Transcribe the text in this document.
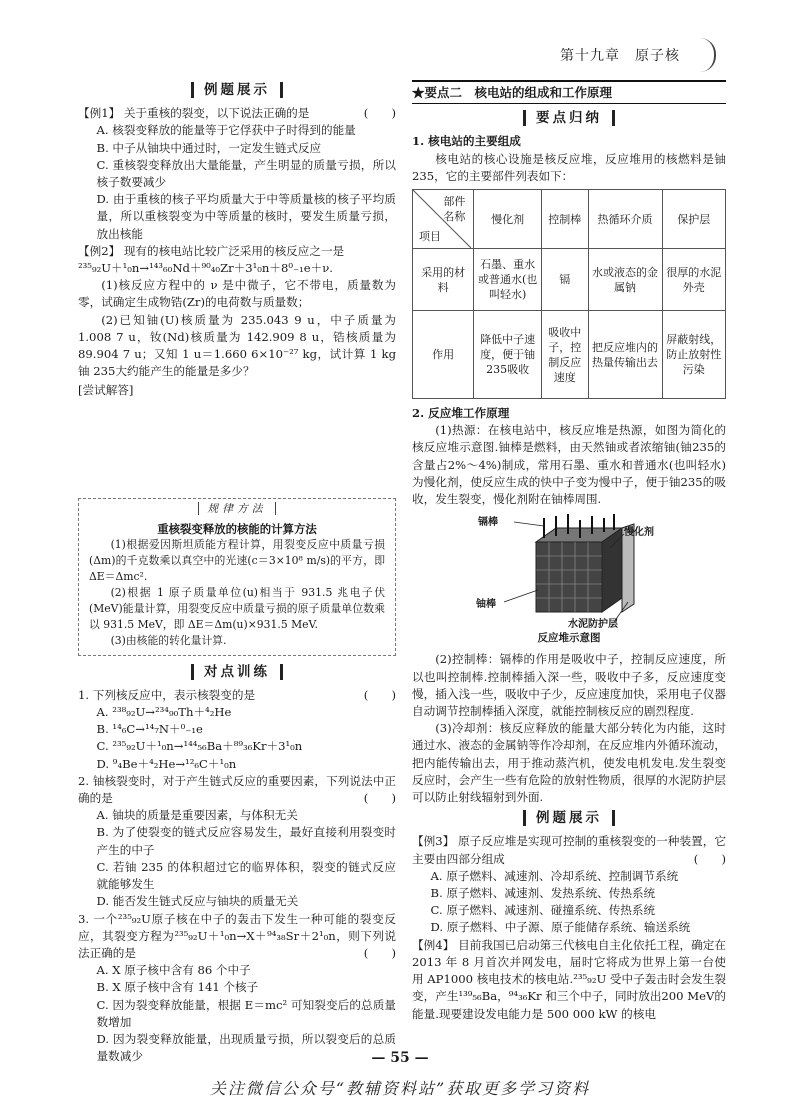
第十九章　原子核
例题展示

【例1】 关于重核的裂变，以下说法正确的是	(　　)

A. 核裂变释放的能量等于它俘获中子时得到的能量

B. 中子从铀块中通过时，一定发生链式反应

C. 重核裂变释放出大量能量，产生明显的质量亏损，所以核子数要减少

D. 由于重核的核子平均质量大于中等质量核的核子平均质量，所以重核裂变为中等质量的核时，要发生质量亏损，放出核能

【例2】 现有的核电站比较广泛采用的核反应之一是

²³⁵₉₂U＋¹₀n→¹⁴³₆₀Nd＋⁹⁰₄₀Zr＋3¹₀n＋8⁰₋₁e＋ν.

(1)核反应方程中的 ν 是中微子，它不带电，质量数为零，试确定生成物锆(Zr)的电荷数与质量数；

(2)已知铀(U)核质量为 235.043 9 u，中子质量为 1.008 7 u，钕(Nd)核质量为 142.909 8 u，锆核质量为 89.904 7 u；又知 1 u＝1.660 6×10⁻²⁷ kg，试计算 1 kg 铀 235大约能产生的能量是多少？

[尝试解答]

规律方法
重核裂变释放的核能的计算方法

(1)根据爱因斯坦质能方程计算，用裂变反应中质量亏损(Δm)的千克数乘以真空中的光速(c＝3×10⁸ m/s)的平方，即 ΔE＝Δmc².

(2)根据 1 原子质量单位(u)相当于 931.5 兆电子伏(MeV)能量计算，用裂变反应中质量亏损的原子质量单位数乘以 931.5 MeV，即 ΔE＝Δm(u)×931.5 MeV.

(3)由核能的转化量计算.

对点训练

1. 下列核反应中，表示核裂变的是	(　　)

A. ²³⁸₉₂U→²³⁴₉₀Th＋⁴₂He

B. ¹⁴₆C→¹⁴₇N＋⁰₋₁e

C. ²³⁵₉₂U＋¹₀n→¹⁴⁴₅₆Ba＋⁸⁹₃₆Kr＋3¹₀n

D. ⁹₄Be＋⁴₂He→¹²₆C＋¹₀n

2. 铀核裂变时，对于产生链式反应的重要因素，下列说法中正确的是	(　　)

A. 铀块的质量是重要因素，与体积无关

B. 为了使裂变的链式反应容易发生，最好直接利用裂变时产生的中子

C. 若铀 235 的体积超过它的临界体积，裂变的链式反应就能够发生

D. 能否发生链式反应与铀块的质量无关

3. 一个²³⁵₉₂U原子核在中子的轰击下发生一种可能的裂变反应，其裂变方程为²³⁵₉₂U＋¹₀n→X＋⁹⁴₃₈Sr＋2¹₀n，则下列说法正确的是	(　　)

A. X 原子核中含有 86 个中子

B. X 原子核中含有 141 个核子

C. 因为裂变释放能量，根据 E＝mc² 可知裂变后的总质量数增加

D. 因为裂变释放能量，出现质量亏损，所以裂变后的总质量数减少

★要点二　核电站的组成和工作原理
要点归纳

1. 核电站的主要组成

核电站的核心设施是核反应堆，反应堆用的核燃料是铀235，它的主要部件列表如下：

部件名称
项目	慢化剂	控制棒	热循环介质	保护层
采用的材料	石墨、重水或普通水(也叫轻水)	镉	水或液态的金属钠	很厚的水泥外壳
作用	降低中子速度，便于铀235吸收	吸收中子，控制反应速度	把反应堆内的热量传输出去	屏蔽射线，防止放射性污染

2. 反应堆工作原理

(1)热源：在核电站中，核反应堆是热源，如图为简化的核反应堆示意图.铀棒是燃料，由天然铀或者浓缩铀(铀235的含量占2%～4%)制成，常用石墨、重水和普通水(也叫轻水)为慢化剂，使反应生成的快中子变为慢中子，便于铀235的吸收，发生裂变，慢化剂附在铀棒周围.

镉棒
慢化剂
铀棒
水泥防护层
反应堆示意图

(2)控制棒：镉棒的作用是吸收中子，控制反应速度，所以也叫控制棒.控制棒插入深一些，吸收中子多，反应速度变慢，插入浅一些，吸收中子少，反应速度加快，采用电子仪器自动调节控制棒插入深度，就能控制核反应的剧烈程度.

(3)冷却剂：核反应释放的能量大部分转化为内能，这时通过水、液态的金属钠等作冷却剂，在反应堆内外循环流动，把内能传输出去，用于推动蒸汽机，使发电机发电.发生裂变反应时，会产生一些有危险的放射性物质，很厚的水泥防护层可以防止射线辐射到外面.

例题展示

【例3】 原子反应堆是实现可控制的重核裂变的一种装置，它主要由四部分组成	(　　)

A. 原子燃料、减速剂、冷却系统、控制调节系统

B. 原子燃料、减速剂、发热系统、传热系统

C. 原子燃料、减速剂、碰撞系统、传热系统

D. 原子燃料、中子源、原子能储存系统、输送系统

【例4】 目前我国已启动第三代核电自主化依托工程，确定在 2013 年 8 月首次并网发电，届时它将成为世界上第一台使用 AP1000 核电技术的核电站.²³⁵₉₂U 受中子轰击时会发生裂变，产生¹³⁹₅₆Ba，⁹⁴₃₆Kr 和三个中子，同时放出200 MeV的能量.现要建设发电能力是 500 000 kW 的核电

— 55 —
关注微信公众号“教辅资料站”获取更多学习资料
